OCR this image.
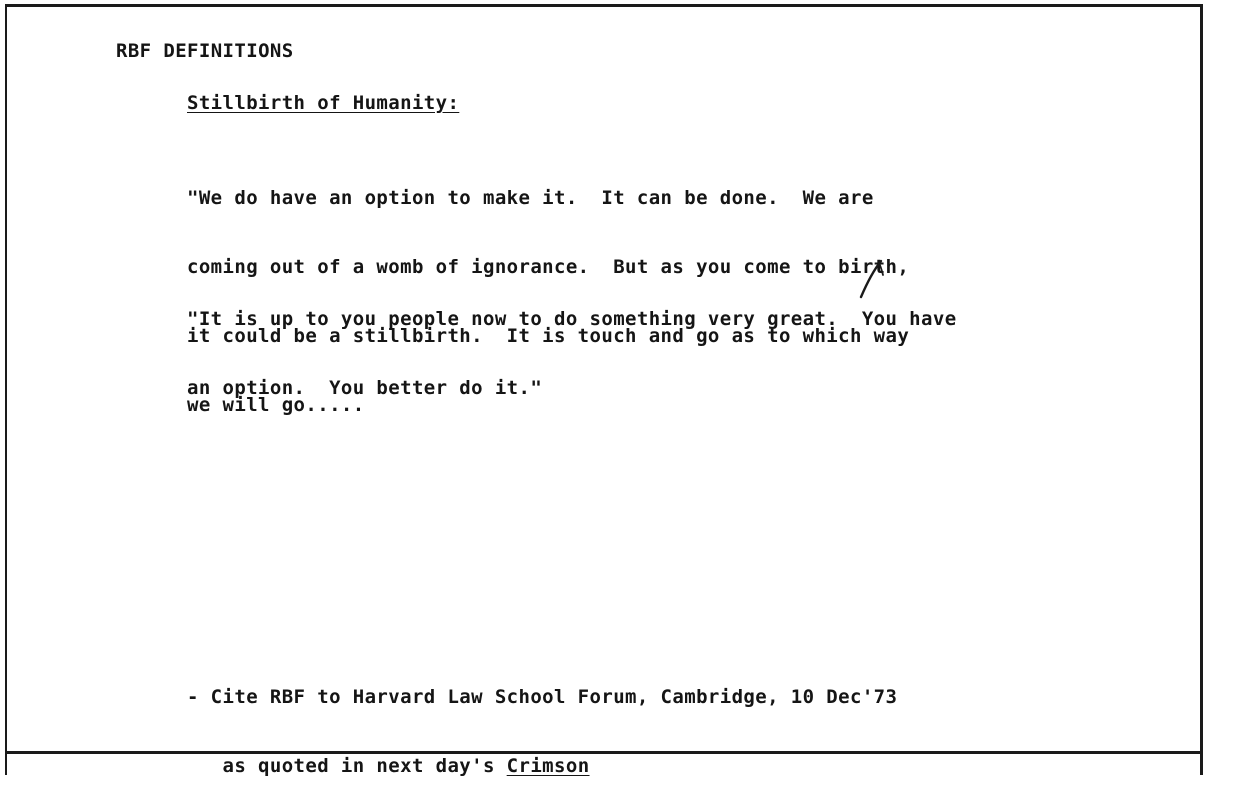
RBF DEFINITIONS
Stillbirth of Humanity:

"We do have an option to make it.  It can be done.  We are

coming out of a womb of ignorance.  But as you come to birth,

it could be a stillbirth.  It is touch and go as to which way

we will go.....

"It is up to you people now to do something very great.  You have

an option.  You better do it."

- Cite RBF to Harvard Law School Forum, Cambridge, 10 Dec'73

as quoted in next day's Crimson
